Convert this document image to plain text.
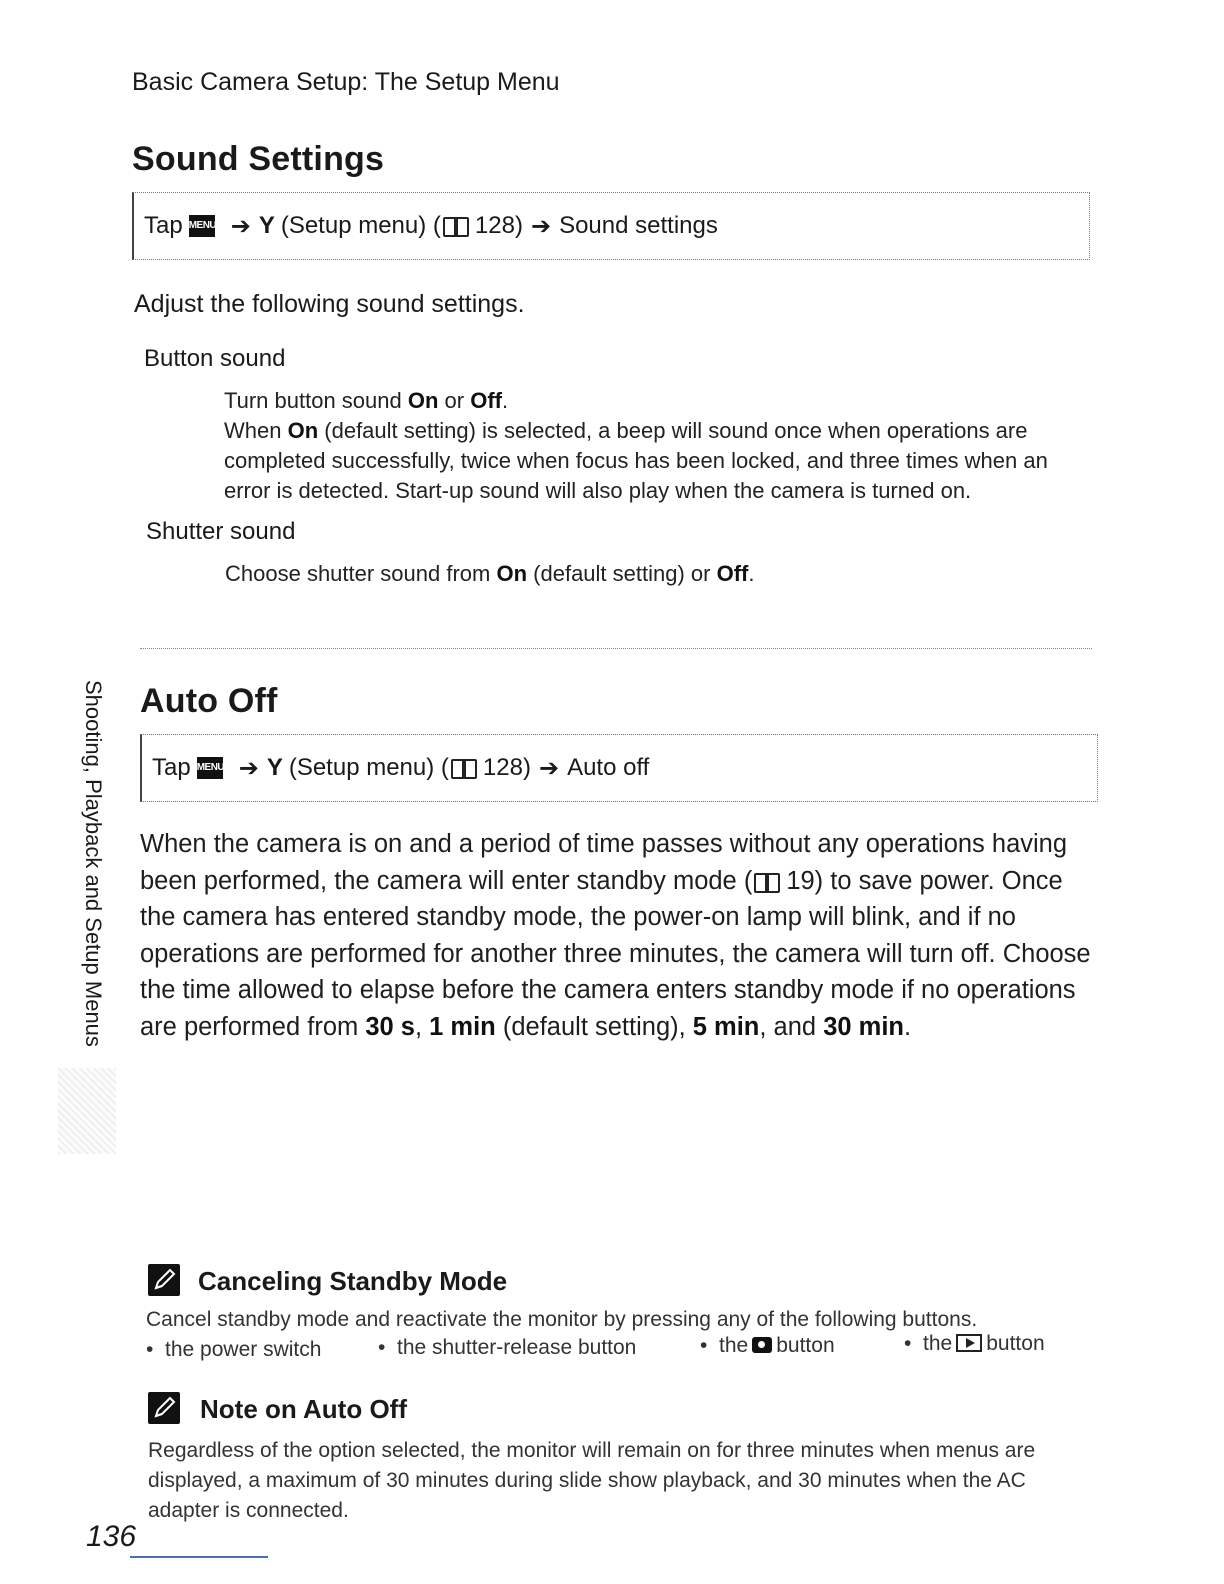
Basic Camera Setup: The Setup Menu
Sound Settings
Tap MENU ➔ Y (Setup menu) ( 128) ➔ Sound settings
Adjust the following sound settings.
Button sound
Turn button sound On or Off.
When On (default setting) is selected, a beep will sound once when operations are completed successfully, twice when focus has been locked, and three times when an error is detected. Start-up sound will also play when the camera is turned on.
Shutter sound
Choose shutter sound from On (default setting) or Off.
Shooting, Playback and Setup Menus Auto Off
Tap MENU ➔ Y (Setup menu) ( 128) ➔ Auto off
When the camera is on and a period of time passes without any operations having been performed, the camera will enter standby mode ( 19) to save power. Once the camera has entered standby mode, the power-on lamp will blink, and if no operations are performed for another three minutes, the camera will turn off. Choose the time allowed to elapse before the camera enters standby mode if no operations are performed from 30 s, 1 min (default setting), 5 min, and 30 min.
Canceling Standby Mode
Cancel standby mode and reactivate the monitor by pressing any of the following buttons.
•  the power switch	•  the shutter-release button	•  the button	•  the button
Note on Auto Off
Regardless of the option selected, the monitor will remain on for three minutes when menus are displayed, a maximum of 30 minutes during slide show playback, and 30 minutes when the AC adapter is connected.
136
